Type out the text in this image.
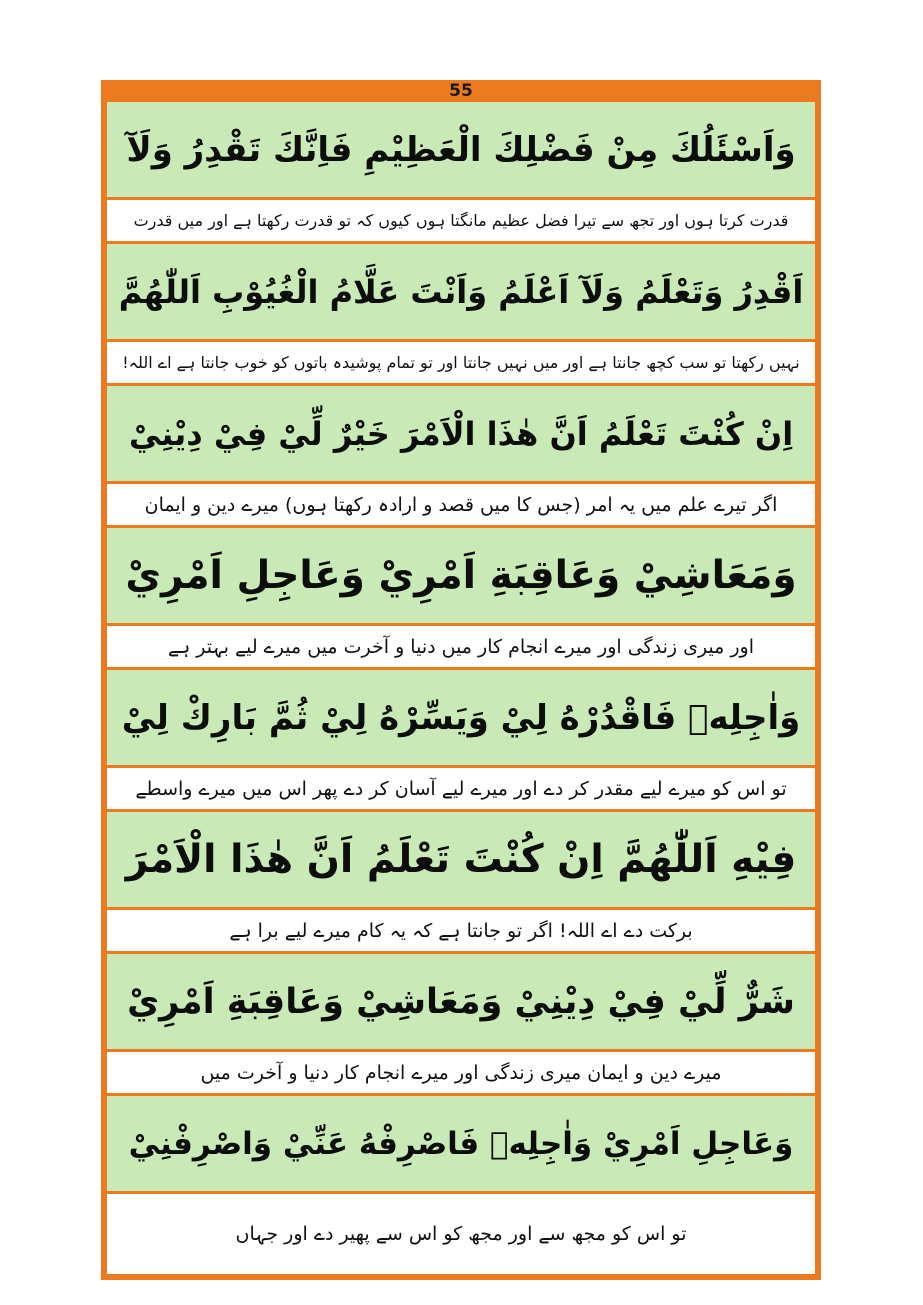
55
وَاَسْئَلُكَ مِنْ فَضْلِكَ الْعَظِيْمِ فَاِنَّكَ تَقْدِرُ وَلَآ
قدرت کرتا ہوں اور تجھ سے تیرا فضل عظیم مانگتا ہوں کیوں کہ تو قدرت رکھتا ہے اور میں قدرت
اَقْدِرُ وَتَعْلَمُ وَلَآ اَعْلَمُ وَاَنْتَ عَلَّامُ الْغُيُوْبِ اَللّٰهُمَّ
نہیں رکھتا تو سب کچھ جانتا ہے اور میں نہیں جانتا اور تو تمام پوشیدہ باتوں کو خوب جانتا ہے اے اللہ!
اِنْ كُنْتَ تَعْلَمُ اَنَّ هٰذَا الْاَمْرَ خَيْرٌ لِّيْ فِيْ دِيْنِيْ
اگر تیرے علم میں یہ امر (جس کا میں قصد و ارادہ رکھتا ہوں) میرے دین و ایمان
وَمَعَاشِيْ وَعَاقِبَةِ اَمْرِيْ وَعَاجِلِ اَمْرِيْ
اور میری زندگی اور میرے انجام کار میں دنیا و آخرت میں میرے لیے بہتر ہے
وَاٰجِلِهٖ فَاقْدُرْهُ لِيْ وَيَسِّرْهُ لِيْ ثُمَّ بَارِكْ لِيْ
تو اس کو میرے لیے مقدر کر دے اور میرے لیے آسان کر دے پھر اس میں میرے واسطے
فِيْهِ اَللّٰهُمَّ اِنْ كُنْتَ تَعْلَمُ اَنَّ هٰذَا الْاَمْرَ
برکت دے اے اللہ! اگر تو جانتا ہے کہ یہ کام میرے لیے برا ہے
شَرٌّ لِّيْ فِيْ دِيْنِيْ وَمَعَاشِيْ وَعَاقِبَةِ اَمْرِيْ
میرے دین و ایمان میری زندگی اور میرے انجام کار دنیا و آخرت میں
وَعَاجِلِ اَمْرِيْ وَاٰجِلِهٖ فَاصْرِفْهُ عَنِّيْ وَاصْرِفْنِيْ
تو اس کو مجھ سے اور مجھ کو اس سے پھیر دے اور جہاں
